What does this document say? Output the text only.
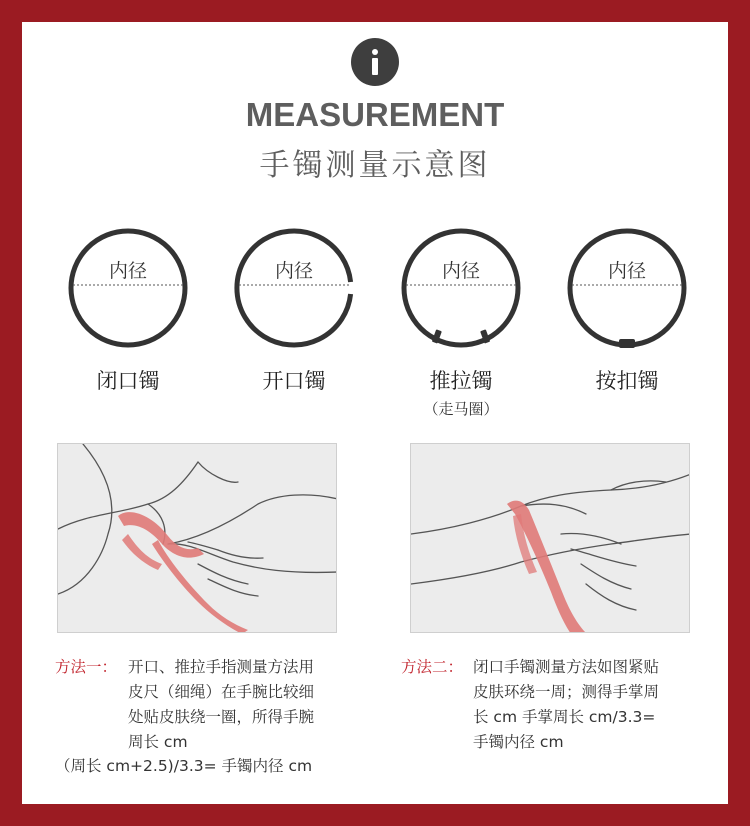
MEASUREMENT
手镯测量示意图
内径	内径	内径	内径
闭口镯	开口镯	推拉镯	按扣镯
（走马圈）
方法一： 开口、推拉手指测量方法用
皮尺（细绳）在手腕比较细
处贴皮肤绕一圈，所得手腕
周长 cm
（周长 cm+2.5)/3.3= 手镯内径 cm
方法二： 闭口手镯测量方法如图紧贴
皮肤环绕一周；测得手掌周
长 cm 手掌周长 cm/3.3=
手镯内径 cm
